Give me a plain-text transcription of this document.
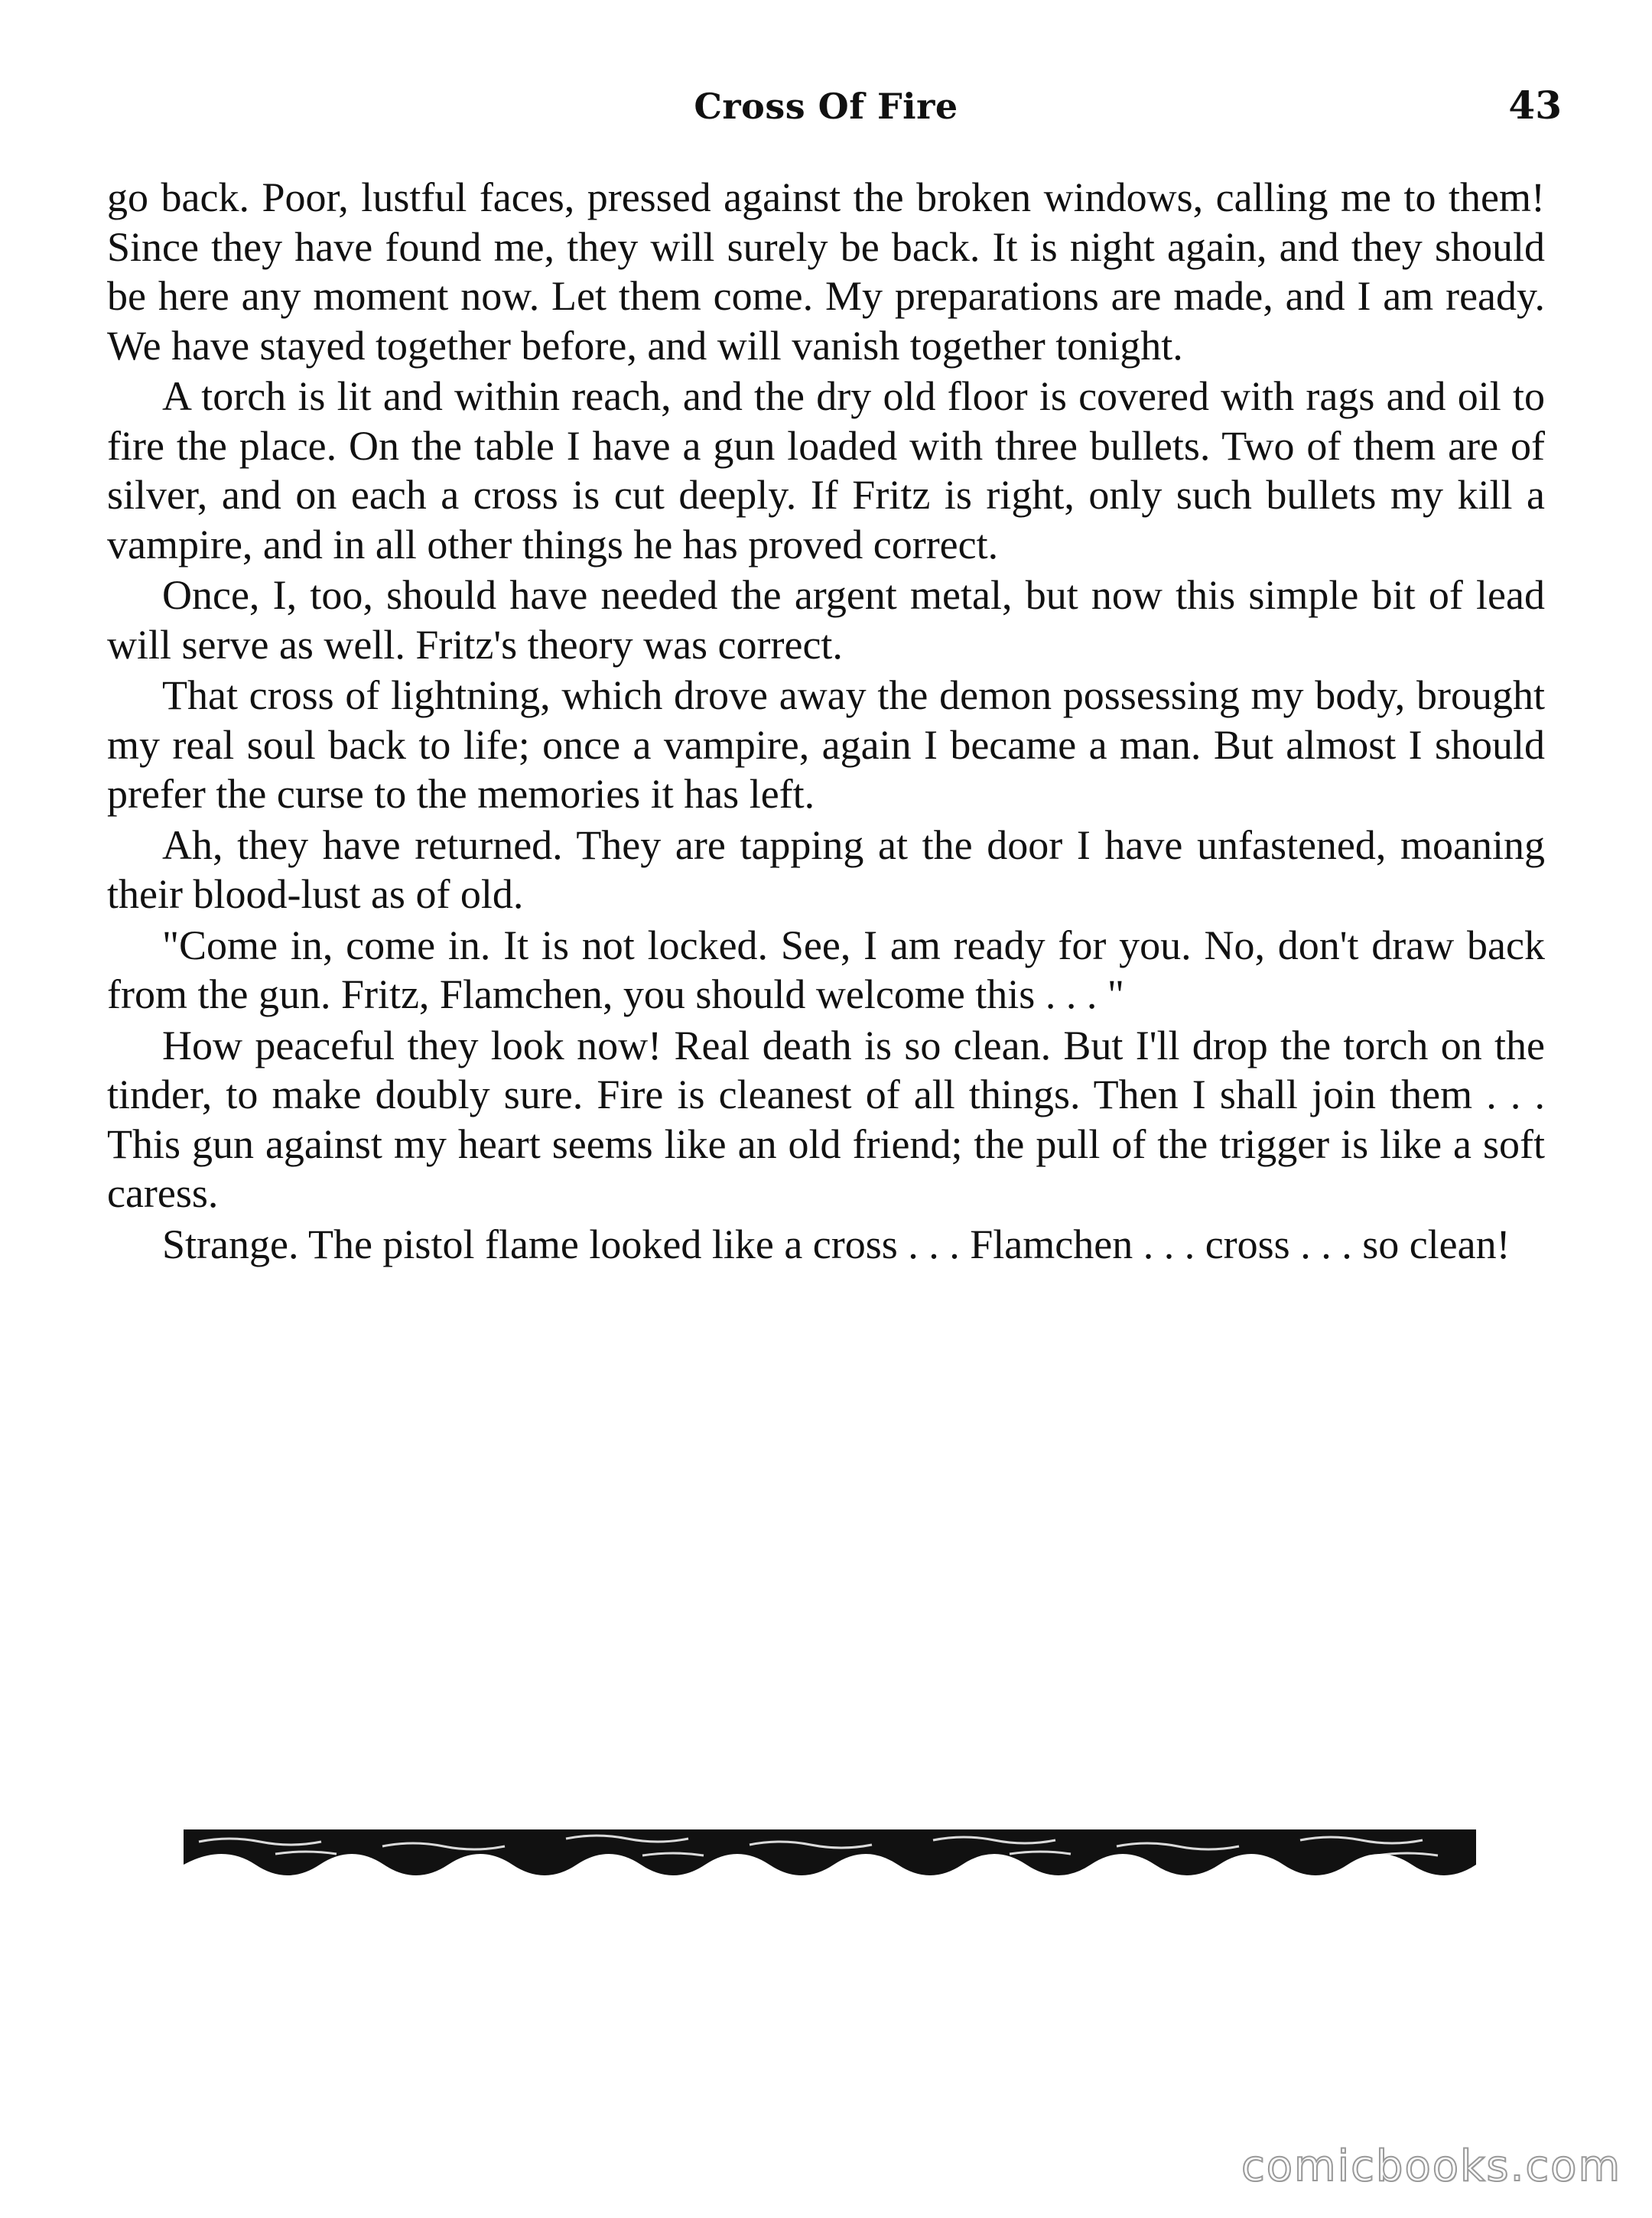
Cross Of Fire	43

go back. Poor, lustful faces, pressed against the broken windows, calling me to them! Since they have found me, they will surely be back. It is night again, and they should be here any moment now. Let them come. My preparations are made, and I am ready. We have stayed together before, and will vanish together tonight.

A torch is lit and within reach, and the dry old floor is covered with rags and oil to fire the place. On the table I have a gun loaded with three bullets. Two of them are of silver, and on each a cross is cut deeply. If Fritz is right, only such bullets my kill a vampire, and in all other things he has proved correct.

Once, I, too, should have needed the argent metal, but now this simple bit of lead will serve as well. Fritz's theory was correct.

That cross of lightning, which drove away the demon possessing my body, brought my real soul back to life; once a vampire, again I became a man. But almost I should prefer the curse to the memories it has left.

Ah, they have returned. They are tapping at the door I have unfastened, moaning their blood-lust as of old.

"Come in, come in. It is not locked. See, I am ready for you. No, don't draw back from the gun. Fritz, Flamchen, you should welcome this . . . "

How peaceful they look now! Real death is so clean. But I'll drop the torch on the tinder, to make doubly sure. Fire is cleanest of all things. Then I shall join them . . . This gun against my heart seems like an old friend; the pull of the trigger is like a soft caress.

Strange. The pistol flame looked like a cross . . . Flamchen . . . cross . . . so clean!

comicbooks.com
